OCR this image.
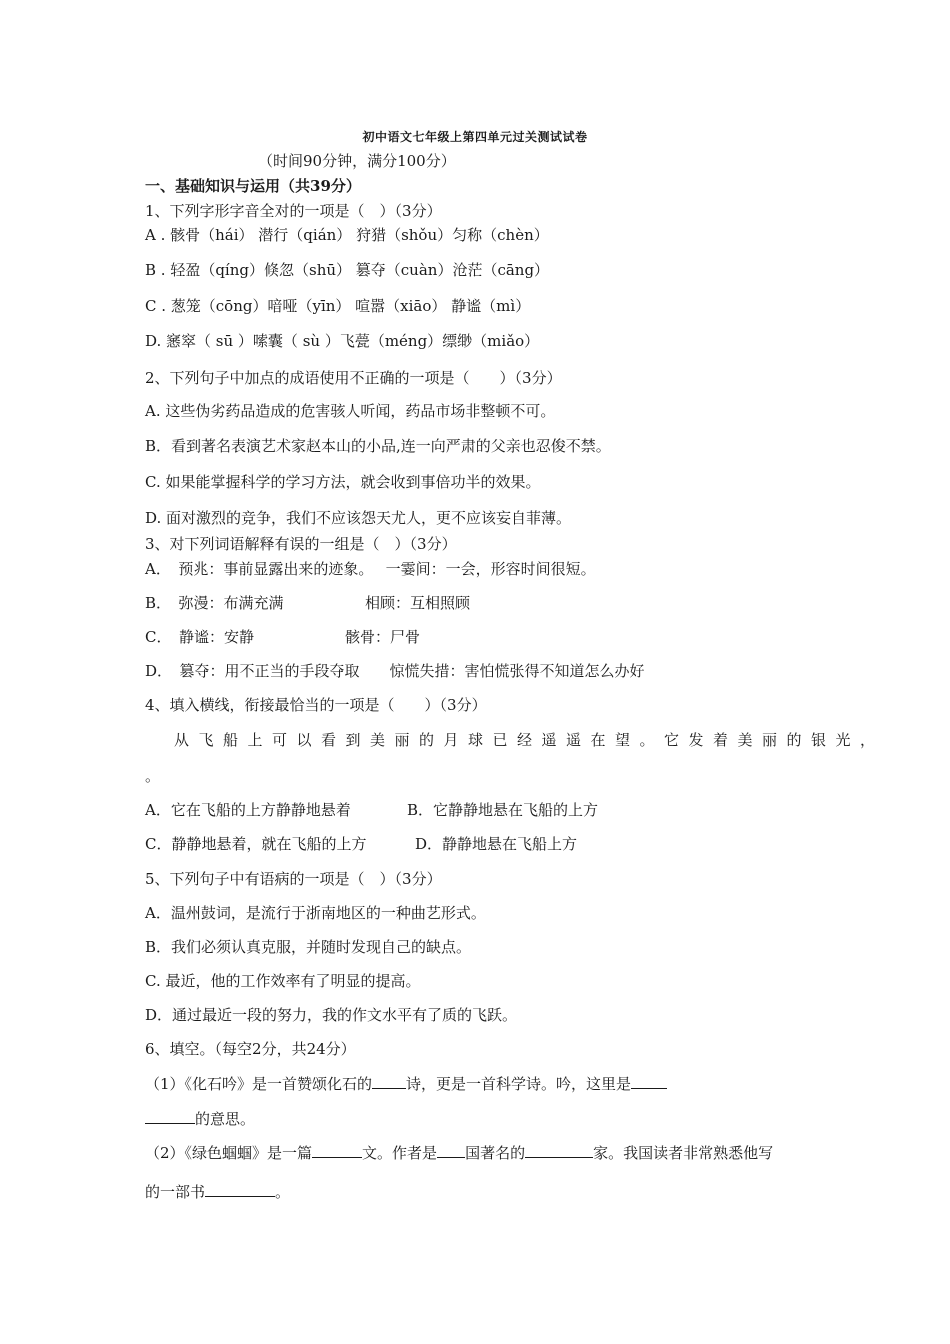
初中语文七年级上第四单元过关测试试卷
（时间90分钟，满分100分）
一、基础知识与运用（共39分）
1、下列字形字音全对的一项是（　）（3分）
A . 骸骨（hái） 潜行（qián） 狩猎（shǒu）匀称（chèn）
B . 轻盈（qíng）倏忽（shū） 篡夺（cuàn）沧茫（cāng）
C . 葱笼（cōng）喑哑（yīn） 喧嚣（xiāo） 静谧（mì）
D. 窸窣（ sū ）嗦囊（ sù ）飞甍（méng）缥缈（miǎo）
2、下列句子中加点的成语使用不正确的一项是（　　）（3分）
A. 这些伪劣药品造成的危害骇人听闻，药品市场非整顿不可。
B．看到著名表演艺术家赵本山的小品,连一向严肃的父亲也忍俊不禁。
C. 如果能掌握科学的学习方法，就会收到事倍功半的效果。
D. 面对激烈的竞争，我们不应该怨天尤人，更不应该妄自菲薄。
3、对下列词语解释有误的一组是（　）（3分）
A．　预兆：事前显露出来的迹象。　 一霎间：一会，形容时间很短。
B．　弥漫：布满充满	相顾：互相照顾
C．　静谧：安静	骸骨：尸骨
D．　篡夺：用不正当的手段夺取　　惊慌失措：害怕慌张得不知道怎么办好
4、填入横线，衔接最恰当的一项是（　　）（3分）
从飞船上可以看到美丽的月球已经遥遥在望。它发着美丽的银光，
。
A．它在飞船的上方静静地悬着	B．它静静地悬在飞船的上方
C．静静地悬着，就在飞船的上方	D．静静地悬在飞船上方
5、下列句子中有语病的一项是（　）（3分）
A．温州鼓词，是流行于浙南地区的一种曲艺形式。
B．我们必须认真克服，并随时发现自己的缺点。
C. 最近，他的工作效率有了明显的提高。
D．通过最近一段的努力，我的作文水平有了质的飞跃。
6、填空。（每空2分，共24分）
（1）《化石吟》是一首赞颂化石的 诗，更是一首科学诗。吟，这里是
的意思。
（2）《绿色蝈蝈》是一篇	文。作者是 国著名的	家。我国读者非常熟悉他写
的一部书	。
